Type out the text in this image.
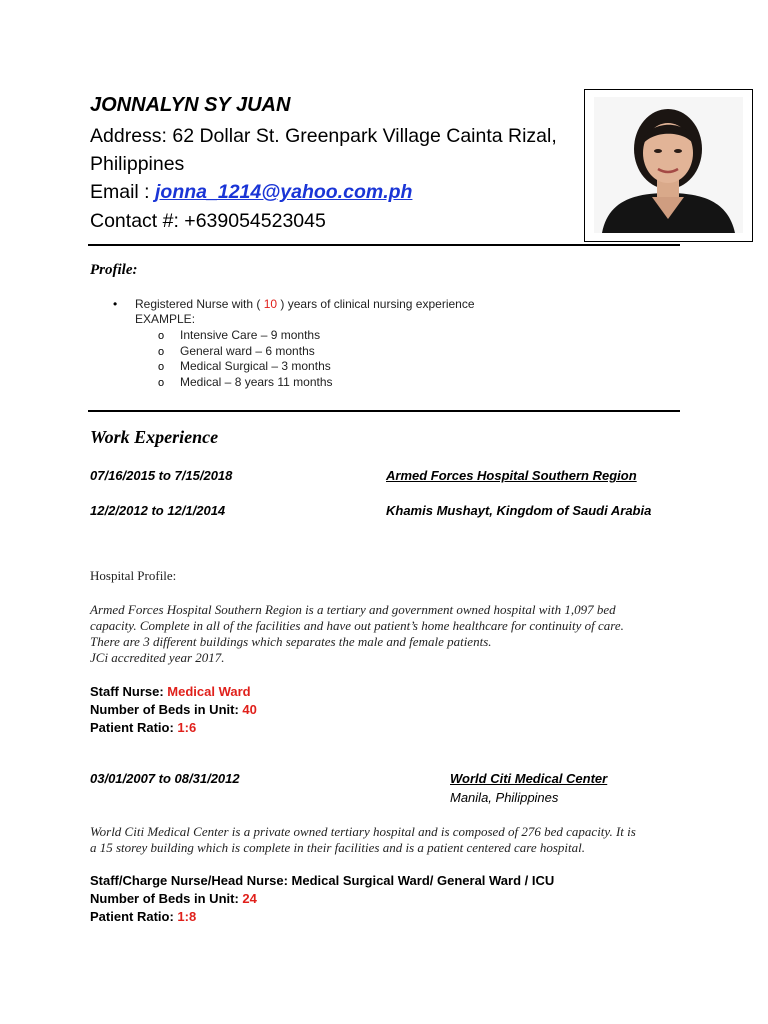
JONNALYN SY JUAN
Address: 62 Dollar St. Greenpark Village Cainta Rizal,
Philippines
Email : jonna_1214@yahoo.com.ph
Contact #: +639054523045
Profile:
• Registered Nurse with ( 10 ) years of clinical nursing experience
EXAMPLE:
o Intensive Care – 9 months
o General ward – 6 months
o Medical Surgical – 3 months
o Medical – 8 years 11 months
Work Experience
07/16/2015 to 7/15/2018	Armed Forces Hospital Southern Region
12/2/2012 to 12/1/2014	Khamis Mushayt, Kingdom of Saudi Arabia
Hospital Profile:
Armed Forces Hospital Southern Region is a tertiary and government owned hospital with 1,097 bed
capacity. Complete in all of the facilities and have out patient’s home healthcare for continuity of care.
There are 3 different buildings which separates the male and female patients.
JCi accredited year 2017.
Staff Nurse: Medical Ward
Number of Beds in Unit: 40
Patient Ratio: 1:6
03/01/2007 to 08/31/2012	World Citi Medical Center
Manila, Philippines
World Citi Medical Center is a private owned tertiary hospital and is composed of 276 bed capacity. It is
a 15 storey building which is complete in their facilities and is a patient centered care hospital.
Staff/Charge Nurse/Head Nurse: Medical Surgical Ward/ General Ward / ICU
Number of Beds in Unit: 24
Patient Ratio: 1:8
